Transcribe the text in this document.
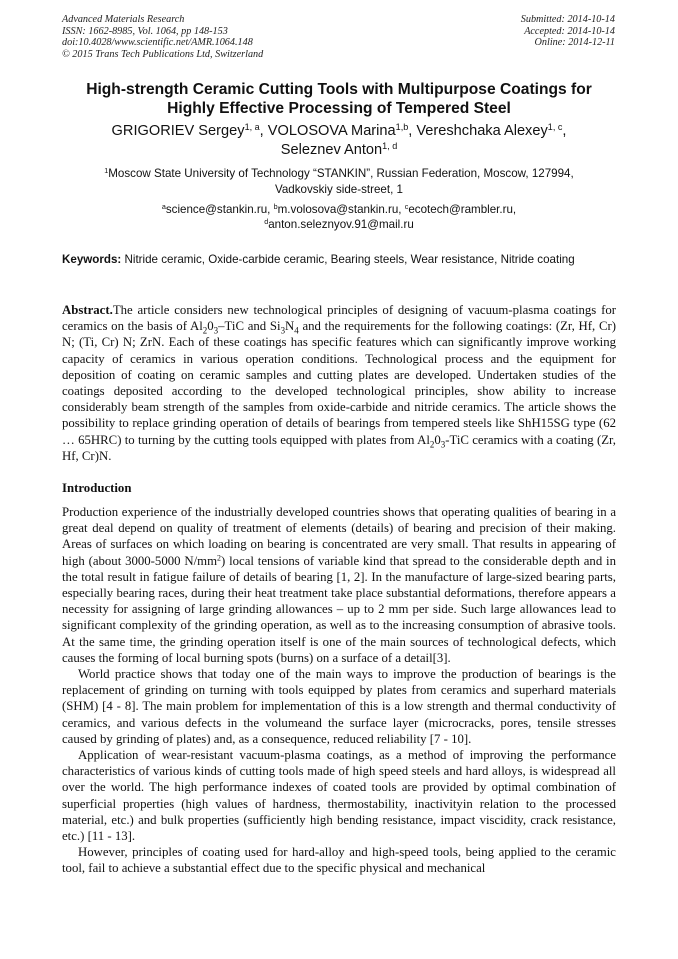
Advanced Materials Research
ISSN: 1662-8985, Vol. 1064, pp 148-153
doi:10.4028/www.scientific.net/AMR.1064.148
© 2015 Trans Tech Publications Ltd, Switzerland
Submitted: 2014-10-14
Accepted: 2014-10-14
Online: 2014-12-11
High-strength Ceramic Cutting Tools with Multipurpose Coatings for
Highly Effective Processing of Tempered Steel
GRIGORIEV Sergey$^{1, a}$, VOLOSOVA Marina$^{1,b}$, Vereshchaka Alexey$^{1, c}$,
Seleznev Anton$^{1, d}$
$^1$Moscow State University of Technology “STANKIN”, Russian Federation, Moscow, 127994,
Vadkovskiy side-street, 1
$^a$science@stankin.ru, $^b$m.volosova@stankin.ru, $^c$ecotech@rambler.ru,
$^d$anton.seleznyov.91@mail.ru
Keywords: Nitride ceramic, Oxide-carbide ceramic, Bearing steels, Wear resistance, Nitride coating
Abstract.The article considers new technological principles of designing of vacuum-plasma coatings for ceramics on the basis of $Al_20_3$–TiC and $Si_3N_4$ and the requirements for the following coatings: (Zr, Hf, Cr) N; (Ti, Cr) N; ZrN. Each of these coatings has specific features which can significantly improve working capacity of ceramics in various operation conditions. Technological process and the equipment for deposition of coating on ceramic samples and cutting plates are developed. Undertaken studies of the coatings deposited according to the developed technological principles, show ability to increase considerably beam strength of the samples from oxide-carbide and nitride ceramics. The article shows the possibility to replace grinding operation of details of bearings from tempered steels like ShH15SG type (62 … 65HRC) to turning by the cutting tools equipped with plates from $Al_20_3$-TiC ceramics with a coating (Zr, Hf, Cr)N.
Introduction

Production experience of the industrially developed countries shows that operating qualities of bearing in a great deal depend on quality of treatment of elements (details) of bearing and precision of their making. Areas of surfaces on which loading on bearing is concentrated are very small. That results in appearing of high (about 3000-5000 $N/mm^2$) local tensions of variable kind that spread to the considerable depth and in the total result in fatigue failure of details of bearing [1, 2]. In the manufacture of large-sized bearing parts, especially bearing races, during their heat treatment take place substantial deformations, therefore appears a necessity for assigning of large grinding allowances – up to 2 mm per side. Such large allowances lead to significant complexity of the grinding operation, as well as to the increasing consumption of abrasive tools. At the same time, the grinding operation itself is one of the main sources of technological defects, which causes the forming of local burning spots (burns) on a surface of a detail[3].

World practice shows that today one of the main ways to improve the production of bearings is the replacement of grinding on turning with tools equipped by plates from ceramics and superhard materials (SHM) [4 - 8]. The main problem for implementation of this is a low strength and thermal conductivity of ceramics, and various defects in the volumeand the surface layer (microcracks, pores, tensile stresses caused by grinding of plates) and, as a consequence, reduced reliability [7 - 10].

Application of wear-resistant vacuum-plasma coatings, as a method of improving the performance characteristics of various kinds of cutting tools made of high speed steels and hard alloys, is widespread all over the world. The high performance indexes of coated tools are provided by optimal combination of superficial properties (high values of hardness, thermostability, inactivityin relation to the processed material, etc.) and bulk properties (sufficiently high bending resistance, impact viscidity, crack resistance, etc.) [11 - 13].

However, principles of coating used for hard-alloy and high-speed tools, being applied to the ceramic tool, fail to achieve a substantial effect due to the specific physical and mechanical
